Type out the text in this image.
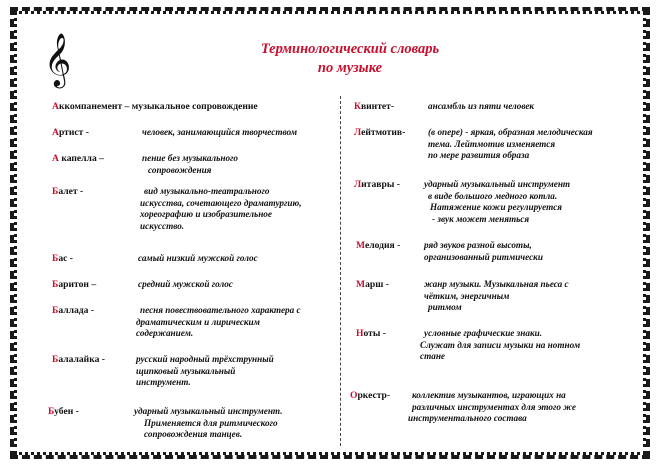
𝄞	Терминологический словарь
по музыке
Аккомпанемент – музыкальное сопровождение
Артист -	человек, занимающийся творчеством
А капелла –	пение без музыкального
сопровождения
Балет -	вид музыкально-театрального
искусства, сочетающего драматургию,
хореографию и изобразительное
искусство.
Бас -	самый низкий мужской голос
Баритон –	средний мужской голос
Баллада -	песня повествовательного характера с
драматическим и лирическим
содержанием.
Балалайка -	русский народный трёхструнный
щипковый музыкальный
инструмент.
Бубен -	ударный музыкальный инструмент.
Применяется для ритмического
сопровождения танцев.
Квинтет-	ансамбль из пяти человек
Лейтмотив- (в опере) - яркая, образная мелодическая
тема. Лейтмотив изменяется
по мере развития образа
Литавры -	ударный музыкальный инструмент
в виде большого медного котла.
Натяжение кожи регулируется
- звук может меняться
Мелодия -	ряд звуков разной высоты,
организованный ритмически
Марш -	жанр музыки. Музыкальная пьеса с
чётким, энергичным
ритмом
Ноты -	условные графические знаки.
Служат для записи музыки на нотном
стане
Оркестр-	коллектив музыкантов, играющих на
различных инструментах для этого же
инструментального состава
